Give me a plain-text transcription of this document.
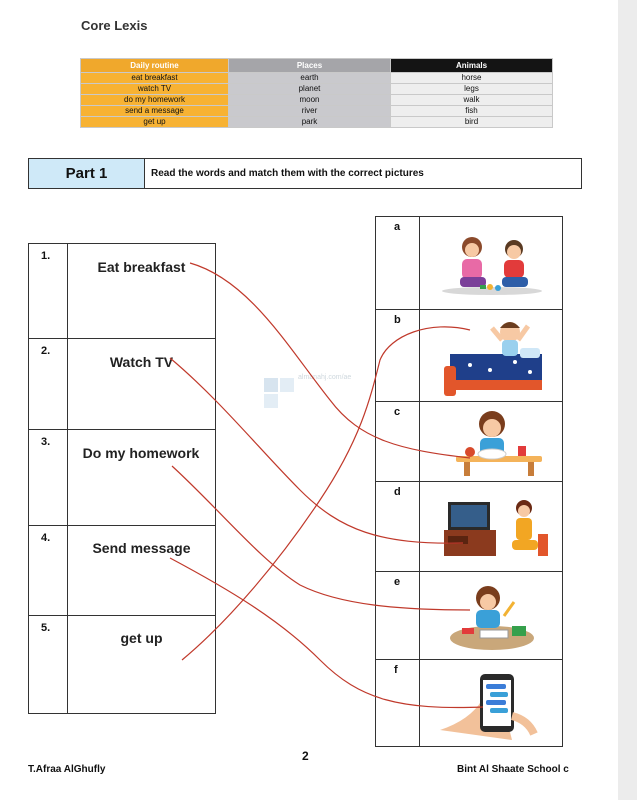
Core Lexis
Daily routine	Places	Animals
eat breakfast	earth	horse
watch TV	planet	legs
do my homework	moon	walk
send a message	river	fish
get up	park	bird
Part 1	Read the words and match them with the correct pictures
1.
Eat breakfast
2.
Watch TV
3.
Do my homework
4.
Send message
5.
get up
a
b
c
d
e
f
almanahj.com/ae
2
T.Afraa AlGhufly	Bint Al Shaate School c
